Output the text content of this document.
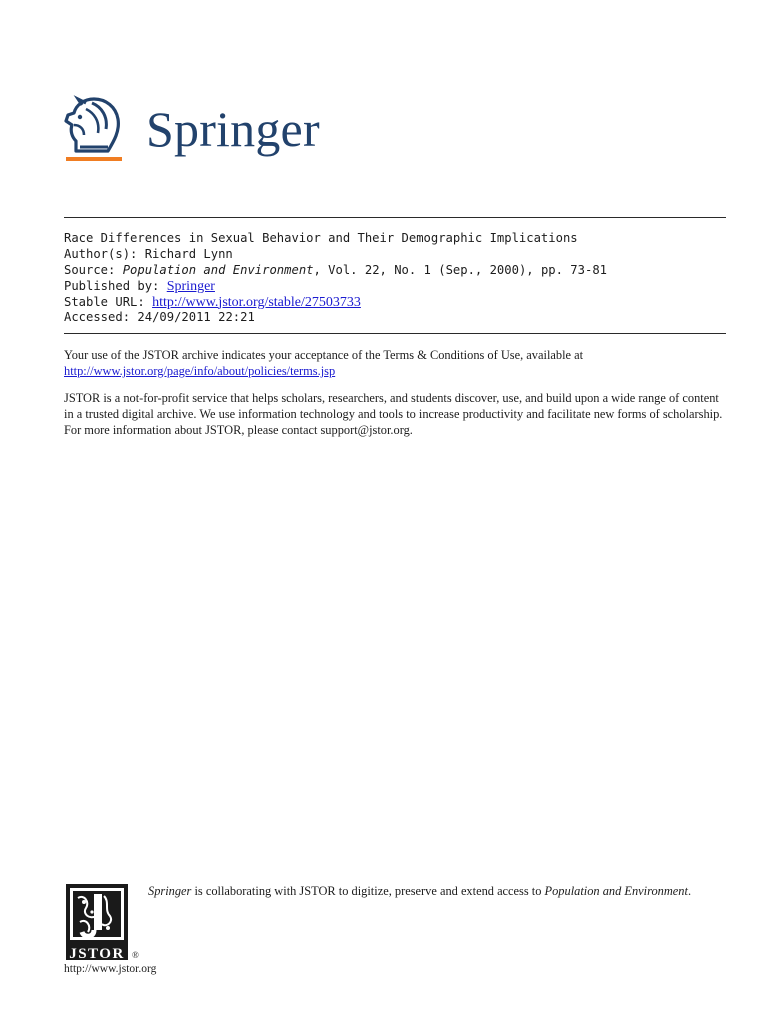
Springer
Race Differences in Sexual Behavior and Their Demographic Implications
Author(s): Richard Lynn
Source: Population and Environment, Vol. 22, No. 1 (Sep., 2000), pp. 73-81
Published by: Springer
Stable URL: http://www.jstor.org/stable/27503733
Accessed: 24/09/2011 22:21

Your use of the JSTOR archive indicates your acceptance of the Terms & Conditions of Use, available at
http://www.jstor.org/page/info/about/policies/terms.jsp

JSTOR is a not-for-profit service that helps scholars, researchers, and students discover, use, and build upon a wide range of content in a trusted digital archive. We use information technology and tools to increase productivity and facilitate new forms of scholarship. For more information about JSTOR, please contact support@jstor.org.

JSTOR ®
Springer is collaborating with JSTOR to digitize, preserve and extend access to Population and Environment.
http://www.jstor.org
